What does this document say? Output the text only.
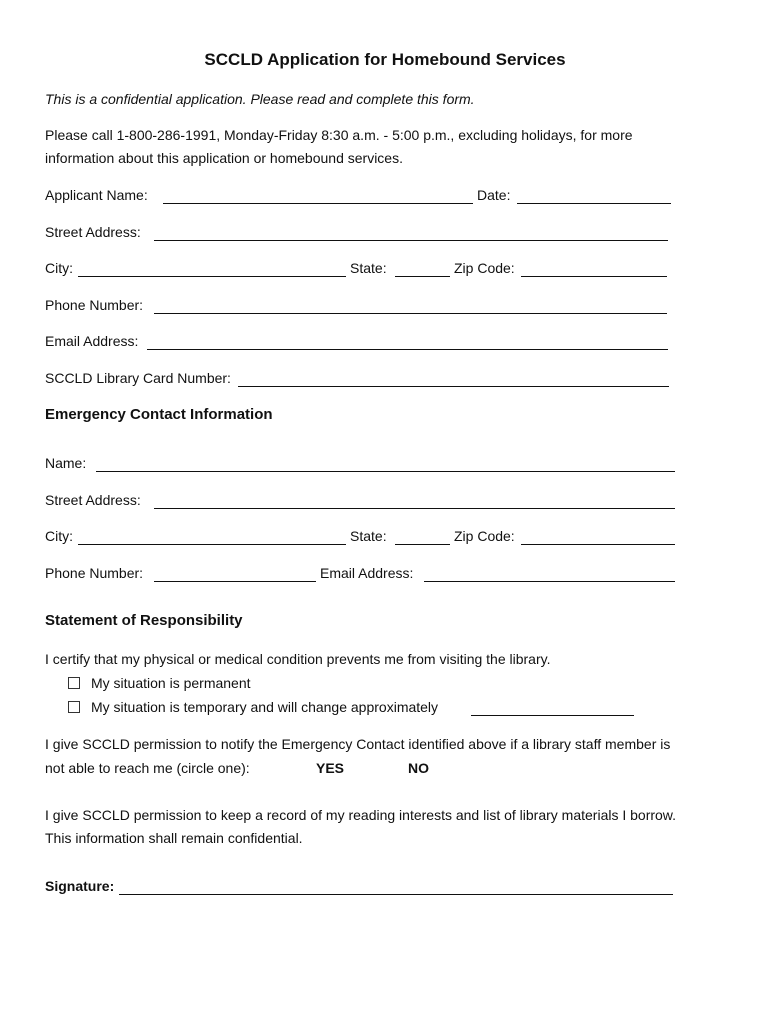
SCCLD Application for Homebound Services
This is a confidential application. Please read and complete this form.
Please call 1-800-286-1991, Monday-Friday 8:30 a.m. - 5:00 p.m., excluding holidays, for more
information about this application or homebound services.
Applicant Name:	Date:
Street Address:
City:	State:	Zip Code:
Phone Number:
Email Address:
SCCLD Library Card Number:
Emergency Contact Information
Name:
Street Address:
City:	State:	Zip Code:
Phone Number:	Email Address:
Statement of Responsibility
I certify that my physical or medical condition prevents me from visiting the library.
My situation is permanent
My situation is temporary and will change approximately
I give SCCLD permission to notify the Emergency Contact identified above if a library staff member is
not able to reach me (circle one):	YES	NO
I give SCCLD permission to keep a record of my reading interests and list of library materials I borrow.
This information shall remain confidential.
Signature:
